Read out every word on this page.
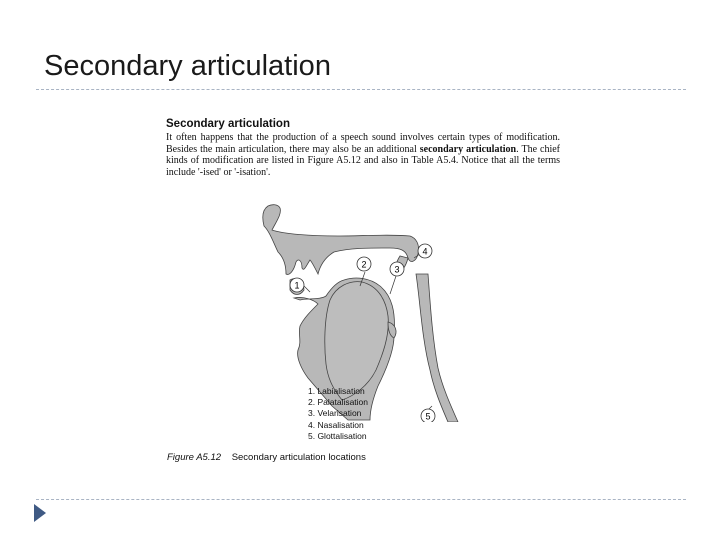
Secondary articulation
Secondary articulation
It often happens that the production of a speech sound involves certain types of modification. Besides the main articulation, there may also be an additional secondary articulation. The chief kinds of modification are listed in Figure A5.12 and also in Table A5.4. Notice that all the terms include '-ised' or '-isation'.
1
2	3
4
5
1. Labialisation
2. Palatalisation
3. Velarisation
4. Nasalisation
5. Glottalisation
Figure A5.12 Secondary articulation locations
